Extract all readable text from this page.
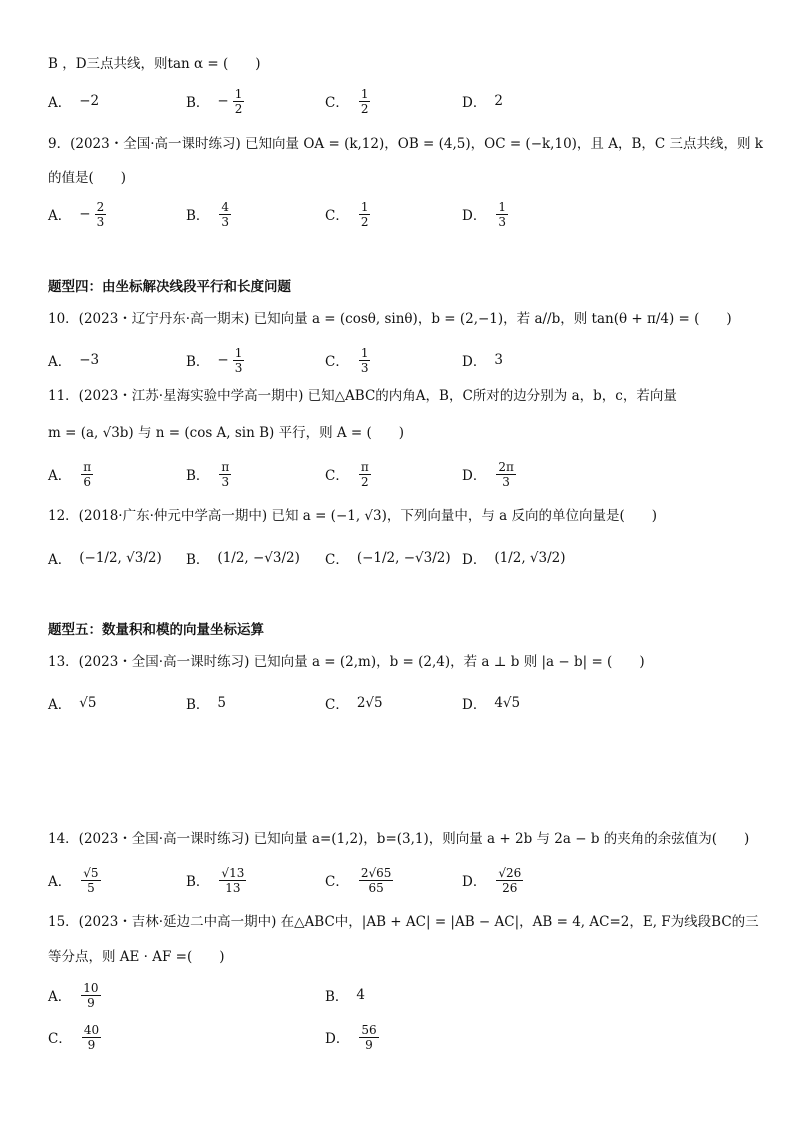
B ，D三点共线，则tan α = (　　)
A． −2	B． − $\frac{1}{2}$	C． $\frac{1}{2}$	D． 2
9．(2023・全国·高一课时练习) 已知向量 OA = (k,12)，OB = (4,5)，OC = (−k,10)，且 A，B，C 三点共线，则 k
的值是(　　)
A． − $\frac{2}{3}$	B． $\frac{4}{3}$	C． $\frac{1}{2}$	D． $\frac{1}{3}$
题型四：由坐标解决线段平行和长度问题
10．(2023・辽宁丹东·高一期末) 已知向量 a = (cosθ, sinθ)，b = (2,−1)，若 a//b，则 tan(θ + π/4) = (　　)
A． −3	B． − $\frac{1}{3}$	C． $\frac{1}{3}$	D． 3
11．(2023・江苏·星海实验中学高一期中) 已知△ABC的内角A，B，C所对的边分别为 a，b，c，若向量
m = (a, √3b) 与 n = (cos A, sin B) 平行，则 A = (　　)
A． $\frac{\pi}{6}$	B． $\frac{\pi}{3}$	C． $\frac{\pi}{2}$	D． $\frac{2\pi}{3}$
12．(2018·广东·仲元中学高一期中) 已知 a = (−1, √3)，下列向量中，与 a 反向的单位向量是(　　)
A． (−1/2, √3/2) B． (1/2, −√3/2) C． (−1/2, −√3/2) D． (1/2, √3/2)
题型五：数量积和模的向量坐标运算
13．(2023・全国·高一课时练习) 已知向量 a = (2,m)，b = (2,4)，若 a ⊥ b 则 |a − b| = (　　)
A． √5	B． 5	C． 2√5	D． 4√5
14．(2023・全国·高一课时练习) 已知向量 a=(1,2)，b=(3,1)，则向量 a + 2b 与 2a − b 的夹角的余弦值为(　　)
A． $\frac{√5}{5}$	B． $\frac{√13}{13}$	C． $\frac{2√65}{65}$	D． $\frac{√26}{26}$
15．(2023・吉林·延边二中高一期中) 在△ABC中，|AB + AC| = |AB − AC|，AB = 4, AC=2，E, F为线段BC的三
等分点，则 AE · AF =(　　)
A． $\frac{10}{9}$	B． 4
C． $\frac{40}{9}$	D． $\frac{56}{9}$
